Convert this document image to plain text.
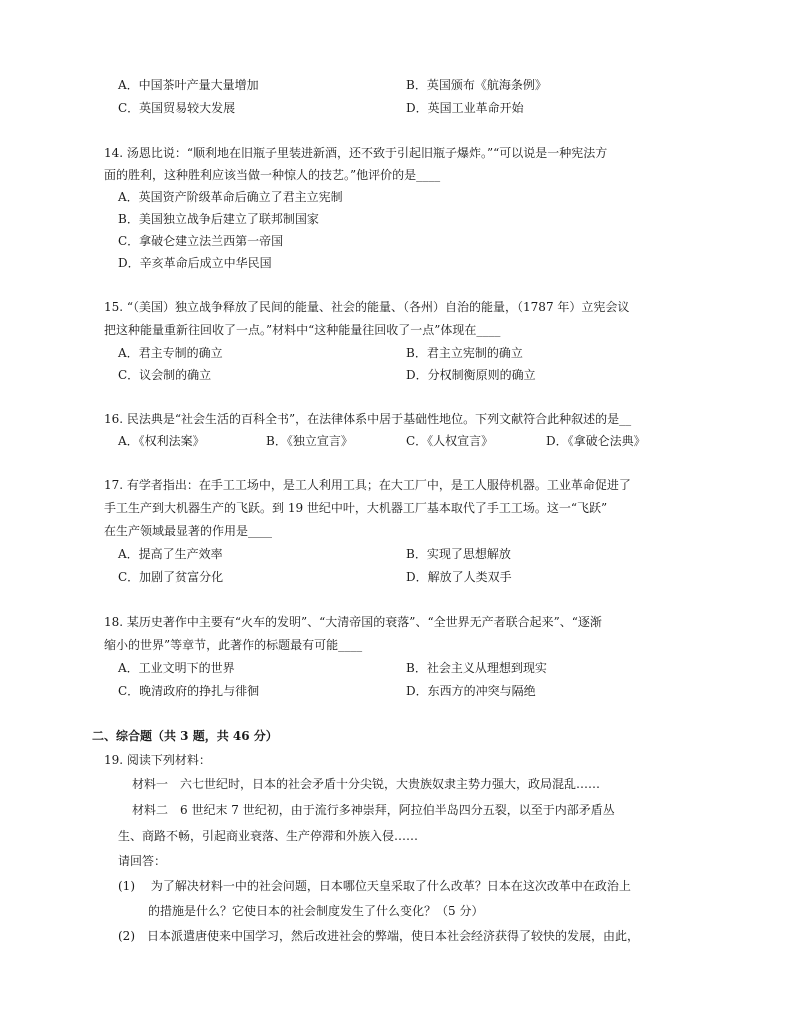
A．中国茶叶产量大量增加	B．英国颁布《航海条例》
C．英国贸易较大发展	D．英国工业革命开始
14. 汤恩比说：“顺利地在旧瓶子里装进新酒，还不致于引起旧瓶子爆炸。”“可以说是一种宪法方
面的胜利，这种胜利应该当做一种惊人的技艺。”他评价的是____
A．英国资产阶级革命后确立了君主立宪制
B．美国独立战争后建立了联邦制国家
C．拿破仑建立法兰西第一帝国
D．辛亥革命后成立中华民国
15. “（美国）独立战争释放了民间的能量、社会的能量、（各州）自治的能量，（1787 年）立宪会议
把这种能量重新往回收了一点。”材料中“这种能量往回收了一点”体现在____
A．君主专制的确立	B．君主立宪制的确立
C．议会制的确立	D．分权制衡原则的确立
16. 民法典是“社会生活的百科全书”，在法律体系中居于基础性地位。下列文献符合此种叙述的是__
A．《权利法案》	B．《独立宣言》	C．《人权宣言》	D．《拿破仑法典》
17. 有学者指出：在手工工场中，是工人利用工具；在大工厂中，是工人服侍机器。工业革命促进了
手工生产到大机器生产的飞跃。到 19 世纪中叶，大机器工厂基本取代了手工工场。这一“飞跃”
在生产领域最显著的作用是____
A．提高了生产效率	B．实现了思想解放
C．加剧了贫富分化	D．解放了人类双手
18. 某历史著作中主要有“火车的发明”、“大清帝国的衰落”、“全世界无产者联合起来”、“逐渐
缩小的世界”等章节，此著作的标题最有可能____
A．工业文明下的世界	B．社会主义从理想到现实
C．晚清政府的挣扎与徘徊	D．东西方的冲突与隔绝
二、综合题（共 3 题，共 46 分）
19. 阅读下列材料：
材料一　六七世纪时，日本的社会矛盾十分尖锐，大贵族奴隶主势力强大，政局混乱……
材料二　6 世纪末 7 世纪初，由于流行多神崇拜，阿拉伯半岛四分五裂，以至于内部矛盾丛
生、商路不畅，引起商业衰落、生产停滞和外族入侵……
请回答：
(1)　 为了解决材料一中的社会问题，日本哪位天皇采取了什么改革？日本在这次改革中在政治上
的措施是什么？它使日本的社会制度发生了什么变化？（5 分）
(2)　日本派遣唐使来中国学习，然后改进社会的弊端，使日本社会经济获得了较快的发展，由此，
